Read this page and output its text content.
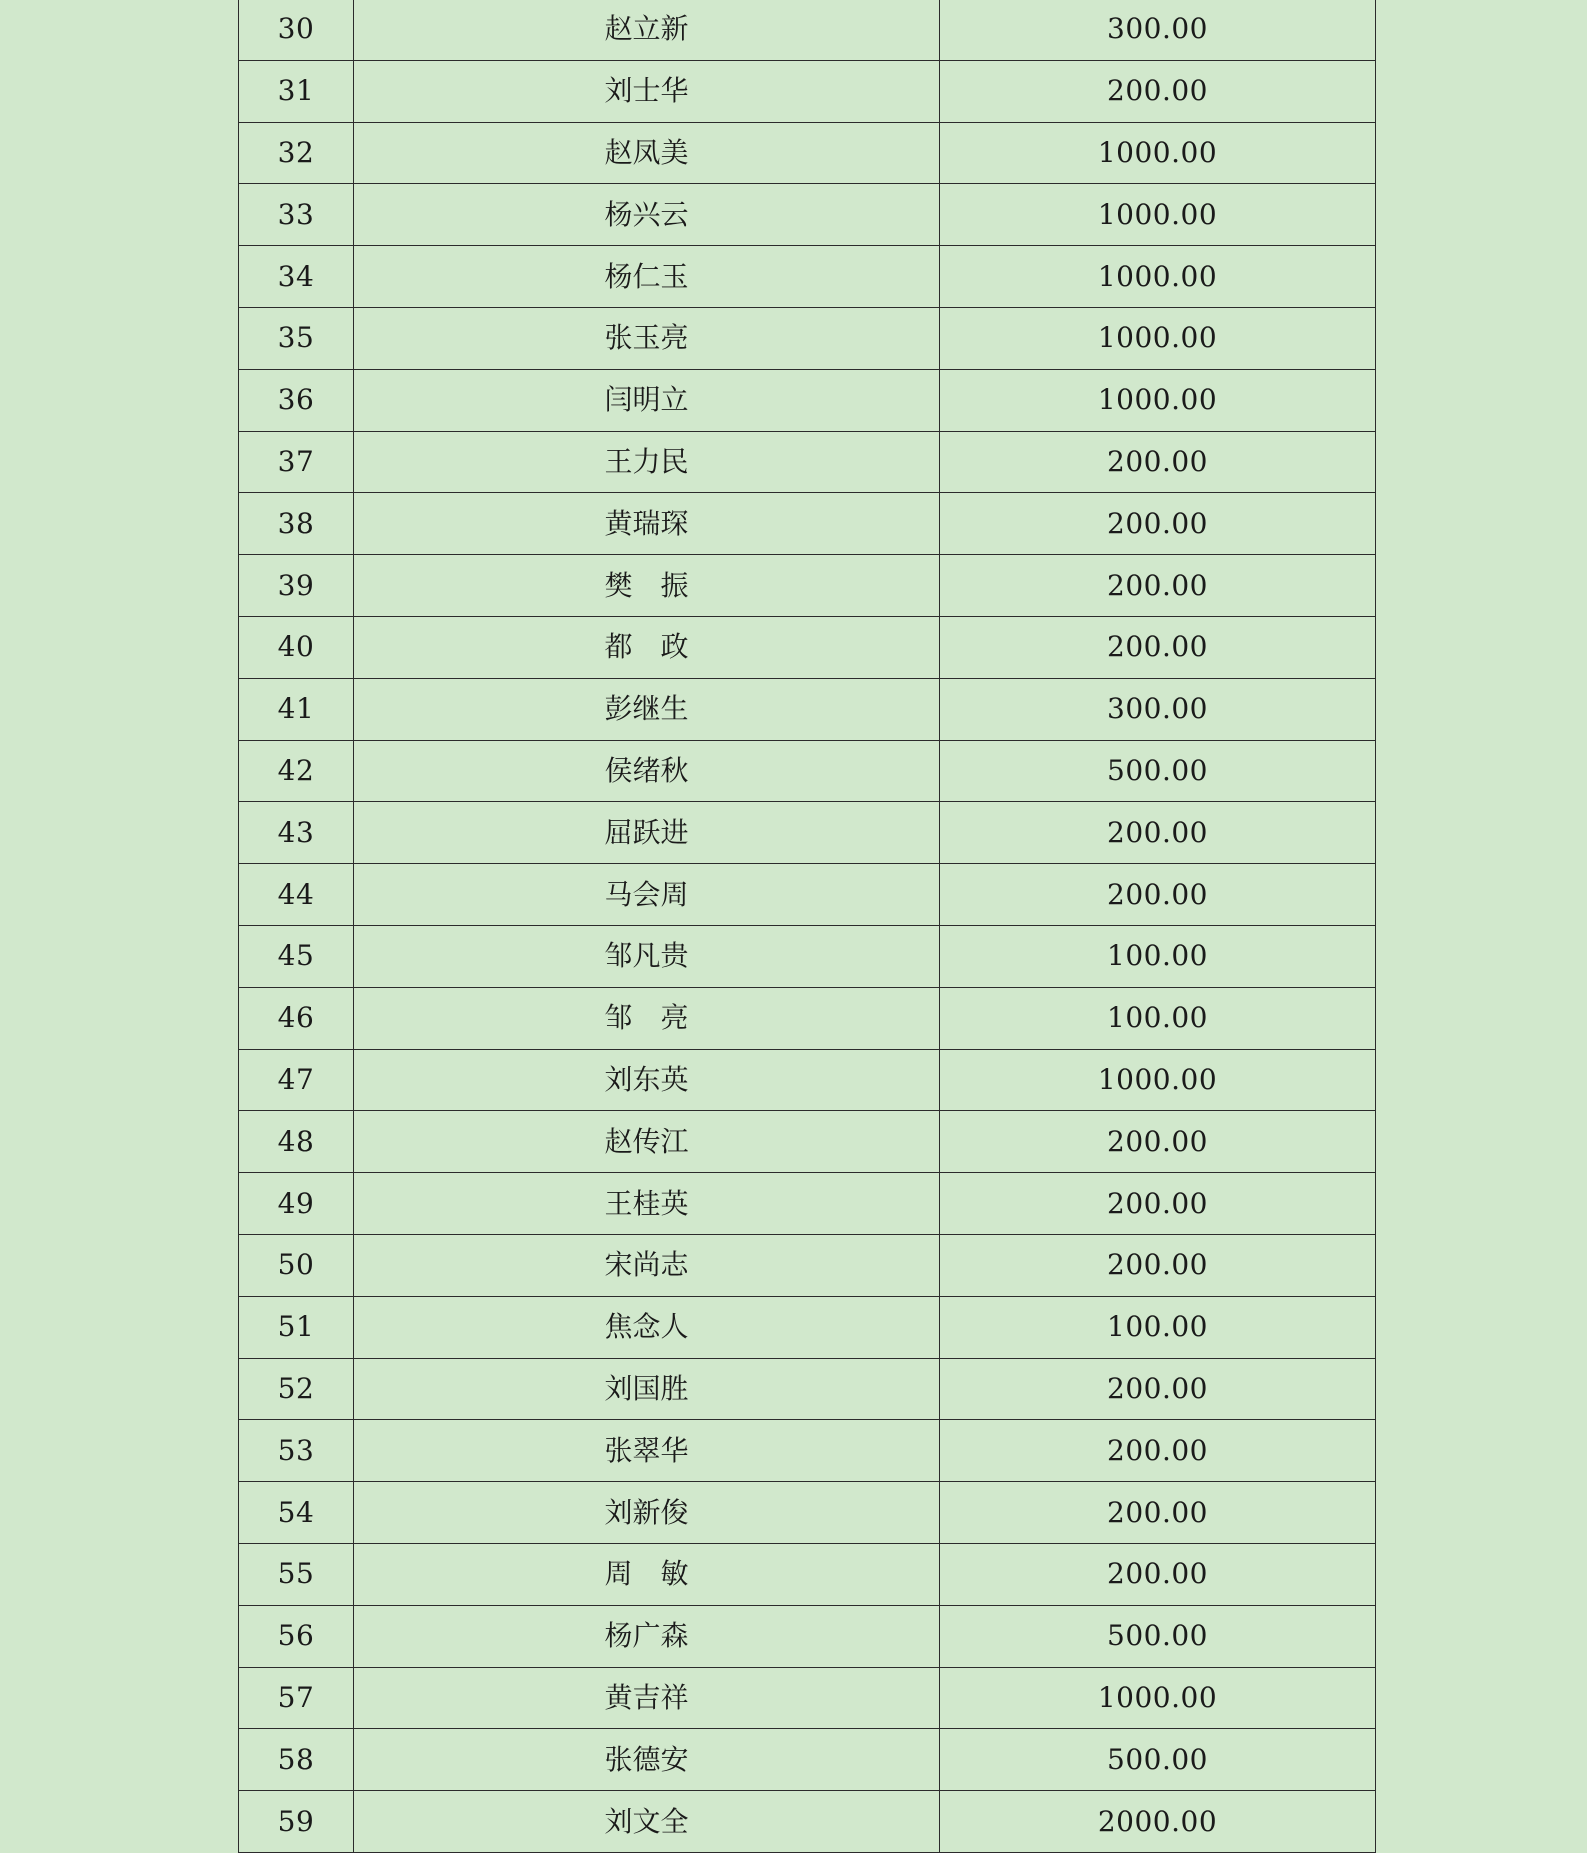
30	赵立新	300.00
31	刘士华	200.00
32	赵凤美	1000.00
33	杨兴云	1000.00
34	杨仁玉	1000.00
35	张玉亮	1000.00
36	闫明立	1000.00
37	王力民	200.00
38	黄瑞琛	200.00
39	樊　振	200.00
40	都　政	200.00
41	彭继生	300.00
42	侯绪秋	500.00
43	屈跃进	200.00
44	马会周	200.00
45	邹凡贵	100.00
46	邹　亮	100.00
47	刘东英	1000.00
48	赵传江	200.00
49	王桂英	200.00
50	宋尚志	200.00
51	焦念人	100.00
52	刘国胜	200.00
53	张翠华	200.00
54	刘新俊	200.00
55	周　敏	200.00
56	杨广森	500.00
57	黄吉祥	1000.00
58	张德安	500.00
59	刘文全	2000.00
